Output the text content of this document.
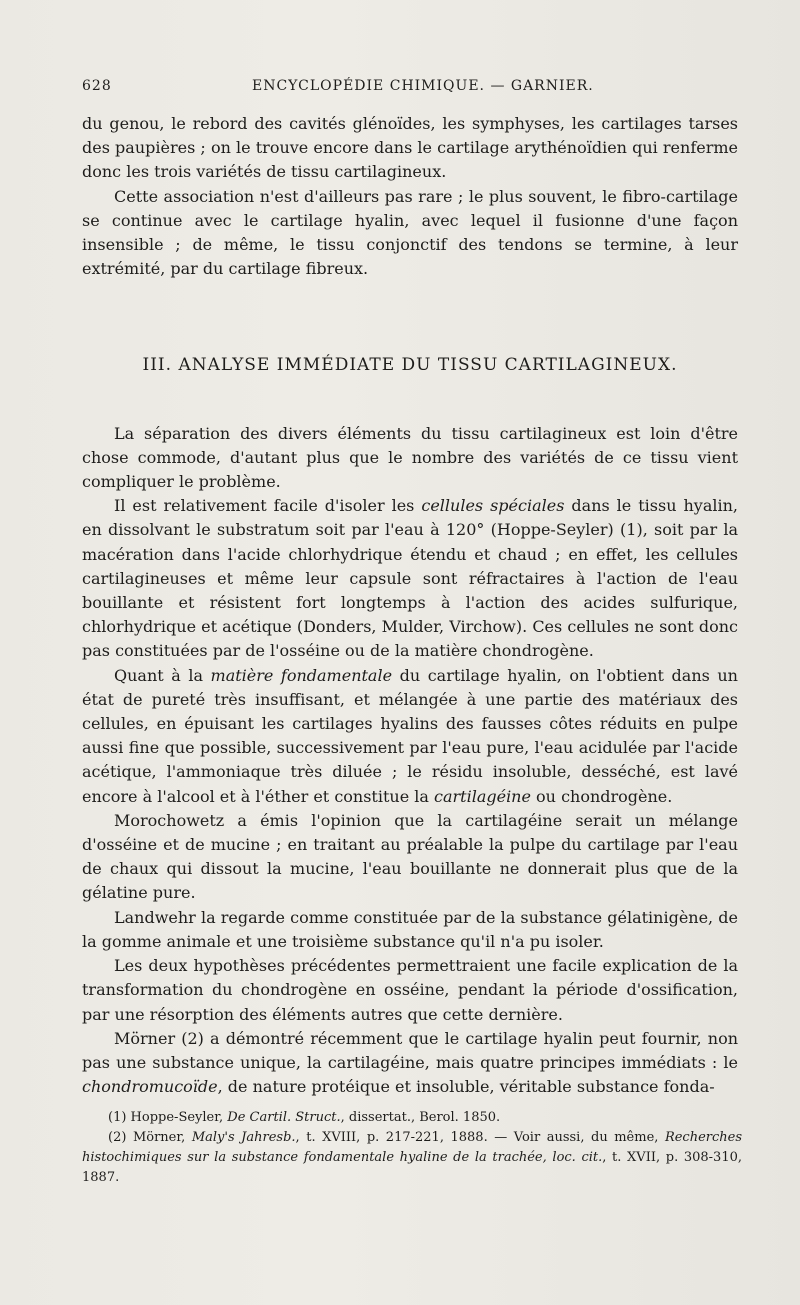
628	ENCYCLOPÉDIE CHIMIQUE. — GARNIER.

du genou, le rebord des cavités glénoïdes, les symphyses, les cartilages tarses des paupières ; on le trouve encore dans le cartilage arythénoïdien qui renferme donc les trois variétés de tissu cartilagineux.

Cette association n'est d'ailleurs pas rare ; le plus souvent, le fibro-cartilage se continue avec le cartilage hyalin, avec lequel il fusionne d'une façon insensible ; de même, le tissu conjonctif des tendons se termine, à leur extrémité, par du cartilage fibreux.

III. ANALYSE IMMÉDIATE DU TISSU CARTILAGINEUX.

La séparation des divers éléments du tissu cartilagineux est loin d'être chose commode, d'autant plus que le nombre des variétés de ce tissu vient compliquer le problème.

Il est relativement facile d'isoler les cellules spéciales dans le tissu hyalin, en dissolvant le substratum soit par l'eau à 120° (Hoppe-Seyler) (1), soit par la macération dans l'acide chlorhydrique étendu et chaud ; en effet, les cellules cartilagineuses et même leur capsule sont réfractaires à l'action de l'eau bouillante et résistent fort longtemps à l'action des acides sulfurique, chlorhydrique et acétique (Donders, Mulder, Virchow). Ces cellules ne sont donc pas constituées par de l'osséine ou de la matière chondrogène.

Quant à la matière fondamentale du cartilage hyalin, on l'obtient dans un état de pureté très insuffisant, et mélangée à une partie des matériaux des cellules, en épuisant les cartilages hyalins des fausses côtes réduits en pulpe aussi fine que possible, successivement par l'eau pure, l'eau acidulée par l'acide acétique, l'ammoniaque très diluée ; le résidu insoluble, desséché, est lavé encore à l'alcool et à l'éther et constitue la cartilagéine ou chondrogène.

Morochowetz a émis l'opinion que la cartilagéine serait un mélange d'osséine et de mucine ; en traitant au préalable la pulpe du cartilage par l'eau de chaux qui dissout la mucine, l'eau bouillante ne donnerait plus que de la gélatine pure.

Landwehr la regarde comme constituée par de la substance gélatinigène, de la gomme animale et une troisième substance qu'il n'a pu isoler.

Les deux hypothèses précédentes permettraient une facile explication de la transformation du chondrogène en osséine, pendant la période d'ossification, par une résorption des éléments autres que cette dernière.

Mörner (2) a démontré récemment que le cartilage hyalin peut fournir, non pas une substance unique, la cartilagéine, mais quatre principes immédiats : le chondromucoïde, de nature protéique et insoluble, véritable substance fonda-

(1) Hoppe-Seyler, De Cartil. Struct., dissertat., Berol. 1850.

(2) Mörner, Maly's Jahresb., t. XVIII, p. 217-221, 1888. — Voir aussi, du même, Recherches histochimiques sur la substance fondamentale hyaline de la trachée, loc. cit., t. XVII, p. 308-310, 1887.
